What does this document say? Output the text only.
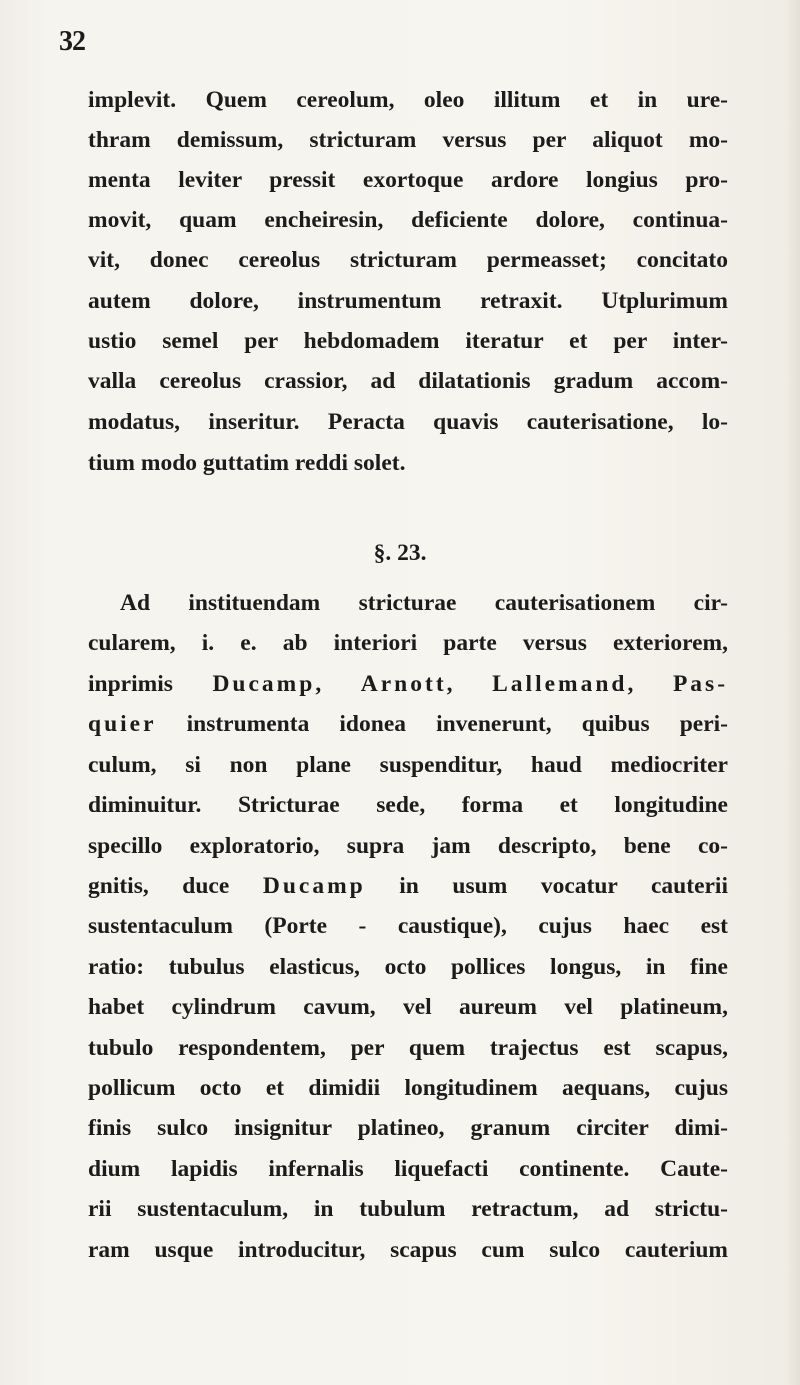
32
implevit. Quem cereolum, oleo illitum et in ure-
thram demissum, stricturam versus per aliquot mo-
menta leviter pressit exortoque ardore longius pro-
movit, quam encheiresin, deficiente dolore, continua-
vit, donec cereolus stricturam permeasset; concitato
autem dolore, instrumentum retraxit. Utplurimum
ustio semel per hebdomadem iteratur et per inter-
valla cereolus crassior, ad dilatationis gradum accom-
modatus, inseritur. Peracta quavis cauterisatione, lo-
tium modo guttatim reddi solet.
§. 23.
Ad instituendam stricturae cauterisationem cir-
cularem, i. e. ab interiori parte versus exteriorem,
inprimis Ducamp, Arnott, Lallemand, Pas-
quier instrumenta idonea invenerunt, quibus peri-
culum, si non plane suspenditur, haud mediocriter
diminuitur. Stricturae sede, forma et longitudine
specillo exploratorio, supra jam descripto, bene co-
gnitis, duce Ducamp in usum vocatur cauterii
sustentaculum (Porte - caustique), cujus haec est
ratio: tubulus elasticus, octo pollices longus, in fine
habet cylindrum cavum, vel aureum vel platineum,
tubulo respondentem, per quem trajectus est scapus,
pollicum octo et dimidii longitudinem aequans, cujus
finis sulco insignitur platineo, granum circiter dimi-
dium lapidis infernalis liquefacti continente. Caute-
rii sustentaculum, in tubulum retractum, ad strictu-
ram usque introducitur, scapus cum sulco cauterium
